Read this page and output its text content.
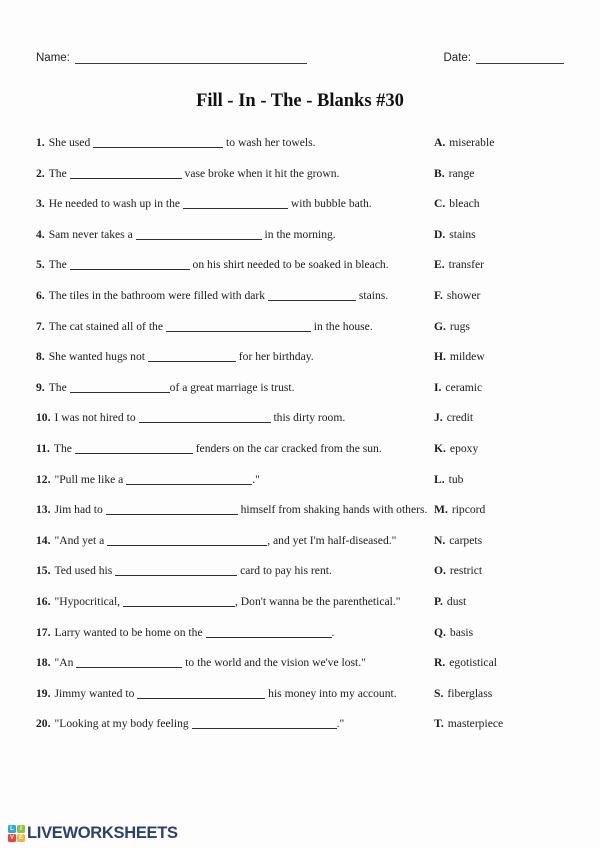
Name:	Date:
Fill - In - The - Blanks #30
1. She used	to wash her towels.	A. miserable
2. The	vase broke when it hit the grown.	B. range
3. He needed to wash up in the	with bubble bath.	C. bleach
4. Sam never takes a	in the morning.	D. stains
5. The	on his shirt needed to be soaked in bleach.	E. transfer
6. The tiles in the bathroom were filled with dark	stains.	F. shower
7. The cat stained all of the	in the house.	G. rugs
8. She wanted hugs not	for her birthday.	H. mildew
9. The	of a great marriage is trust.	I. ceramic
10. I was not hired to	this dirty room.	J. credit
11. The	fenders on the car cracked from the sun.	K. epoxy
12. "Pull me like a	."	L. tub
13. Jim had to	himself from shaking hands with others. M. ripcord
14. "And yet a	, and yet I'm half-diseased."	N. carpets
15. Ted used his	card to pay his rent.	O. restrict
16. "Hypocritical,	, Don't wanna be the parenthetical."	P. dust
17. Larry wanted to be home on the	.	Q. basis
18. "An	to the world and the vision we've lost."	R. egotistical
19. Jimmy wanted to	his money into my account.	S. fiberglass
20. "Looking at my body feeling	."	T. masterpiece
L	I
V E LIVEWORKSHEETS
